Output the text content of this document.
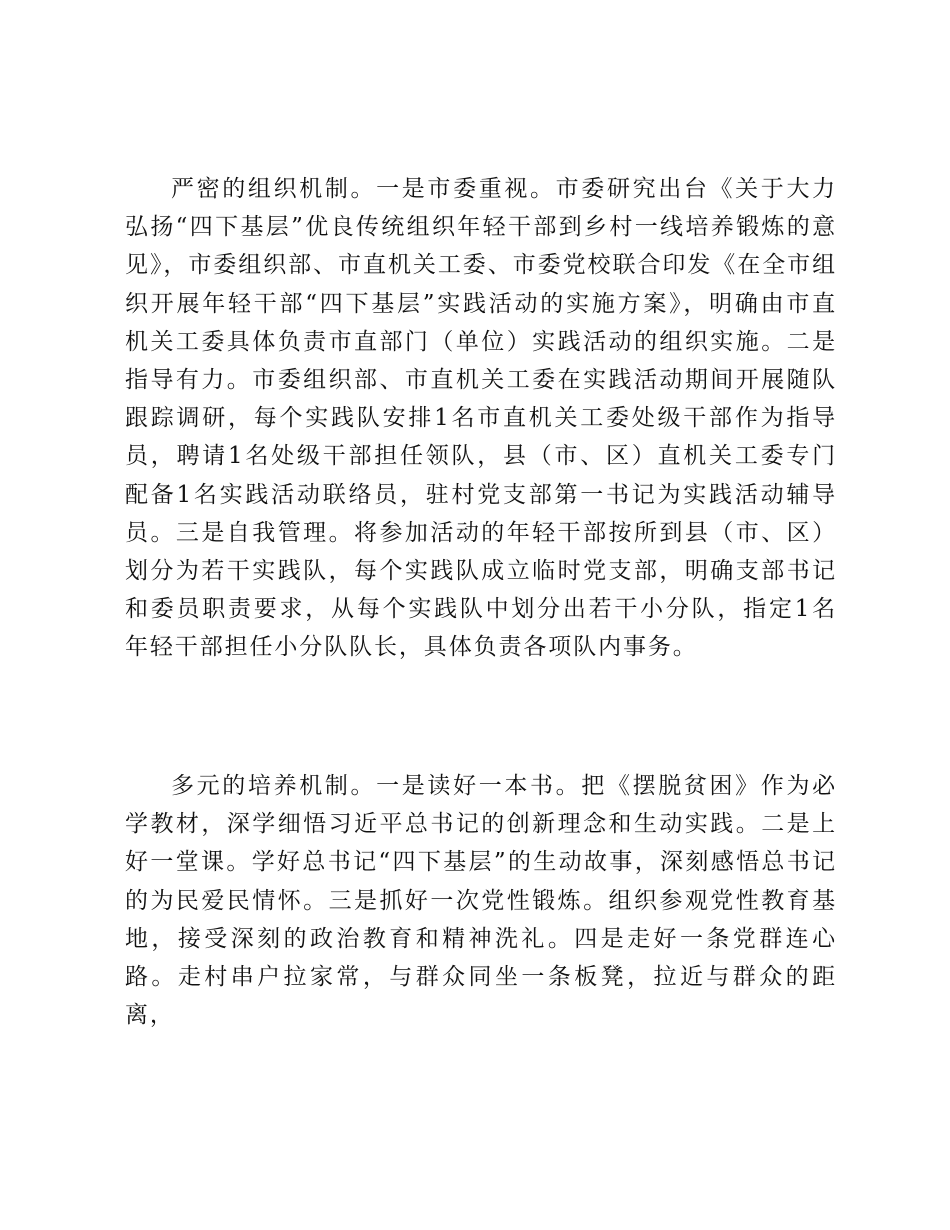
严密的组织机制。一是市委重视。市委研究出台《关于大力弘扬“四下基层”优良传统组织年轻干部到乡村一线培养锻炼的意见》，市委组织部、市直机关工委、市委党校联合印发《在全市组织开展年轻干部“四下基层”实践活动的实施方案》，明确由市直机关工委具体负责市直部门（单位）实践活动的组织实施。二是指导有力。市委组织部、市直机关工委在实践活动期间开展随队跟踪调研，每个实践队安排1名市直机关工委处级干部作为指导员，聘请1名处级干部担任领队，县（市、区）直机关工委专门配备1名实践活动联络员，驻村党支部第一书记为实践活动辅导员。三是自我管理。将参加活动的年轻干部按所到县（市、区）划分为若干实践队，每个实践队成立临时党支部，明确支部书记和委员职责要求，从每个实践队中划分出若干小分队，指定1名年轻干部担任小分队队长，具体负责各项队内事务。

多元的培养机制。一是读好一本书。把《摆脱贫困》作为必学教材，深学细悟习近平总书记的创新理念和生动实践。二是上好一堂课。学好总书记“四下基层”的生动故事，深刻感悟总书记的为民爱民情怀。三是抓好一次党性锻炼。组织参观党性教育基地，接受深刻的政治教育和精神洗礼。四是走好一条党群连心路。走村串户拉家常，与群众同坐一条板凳，拉近与群众的距离，
